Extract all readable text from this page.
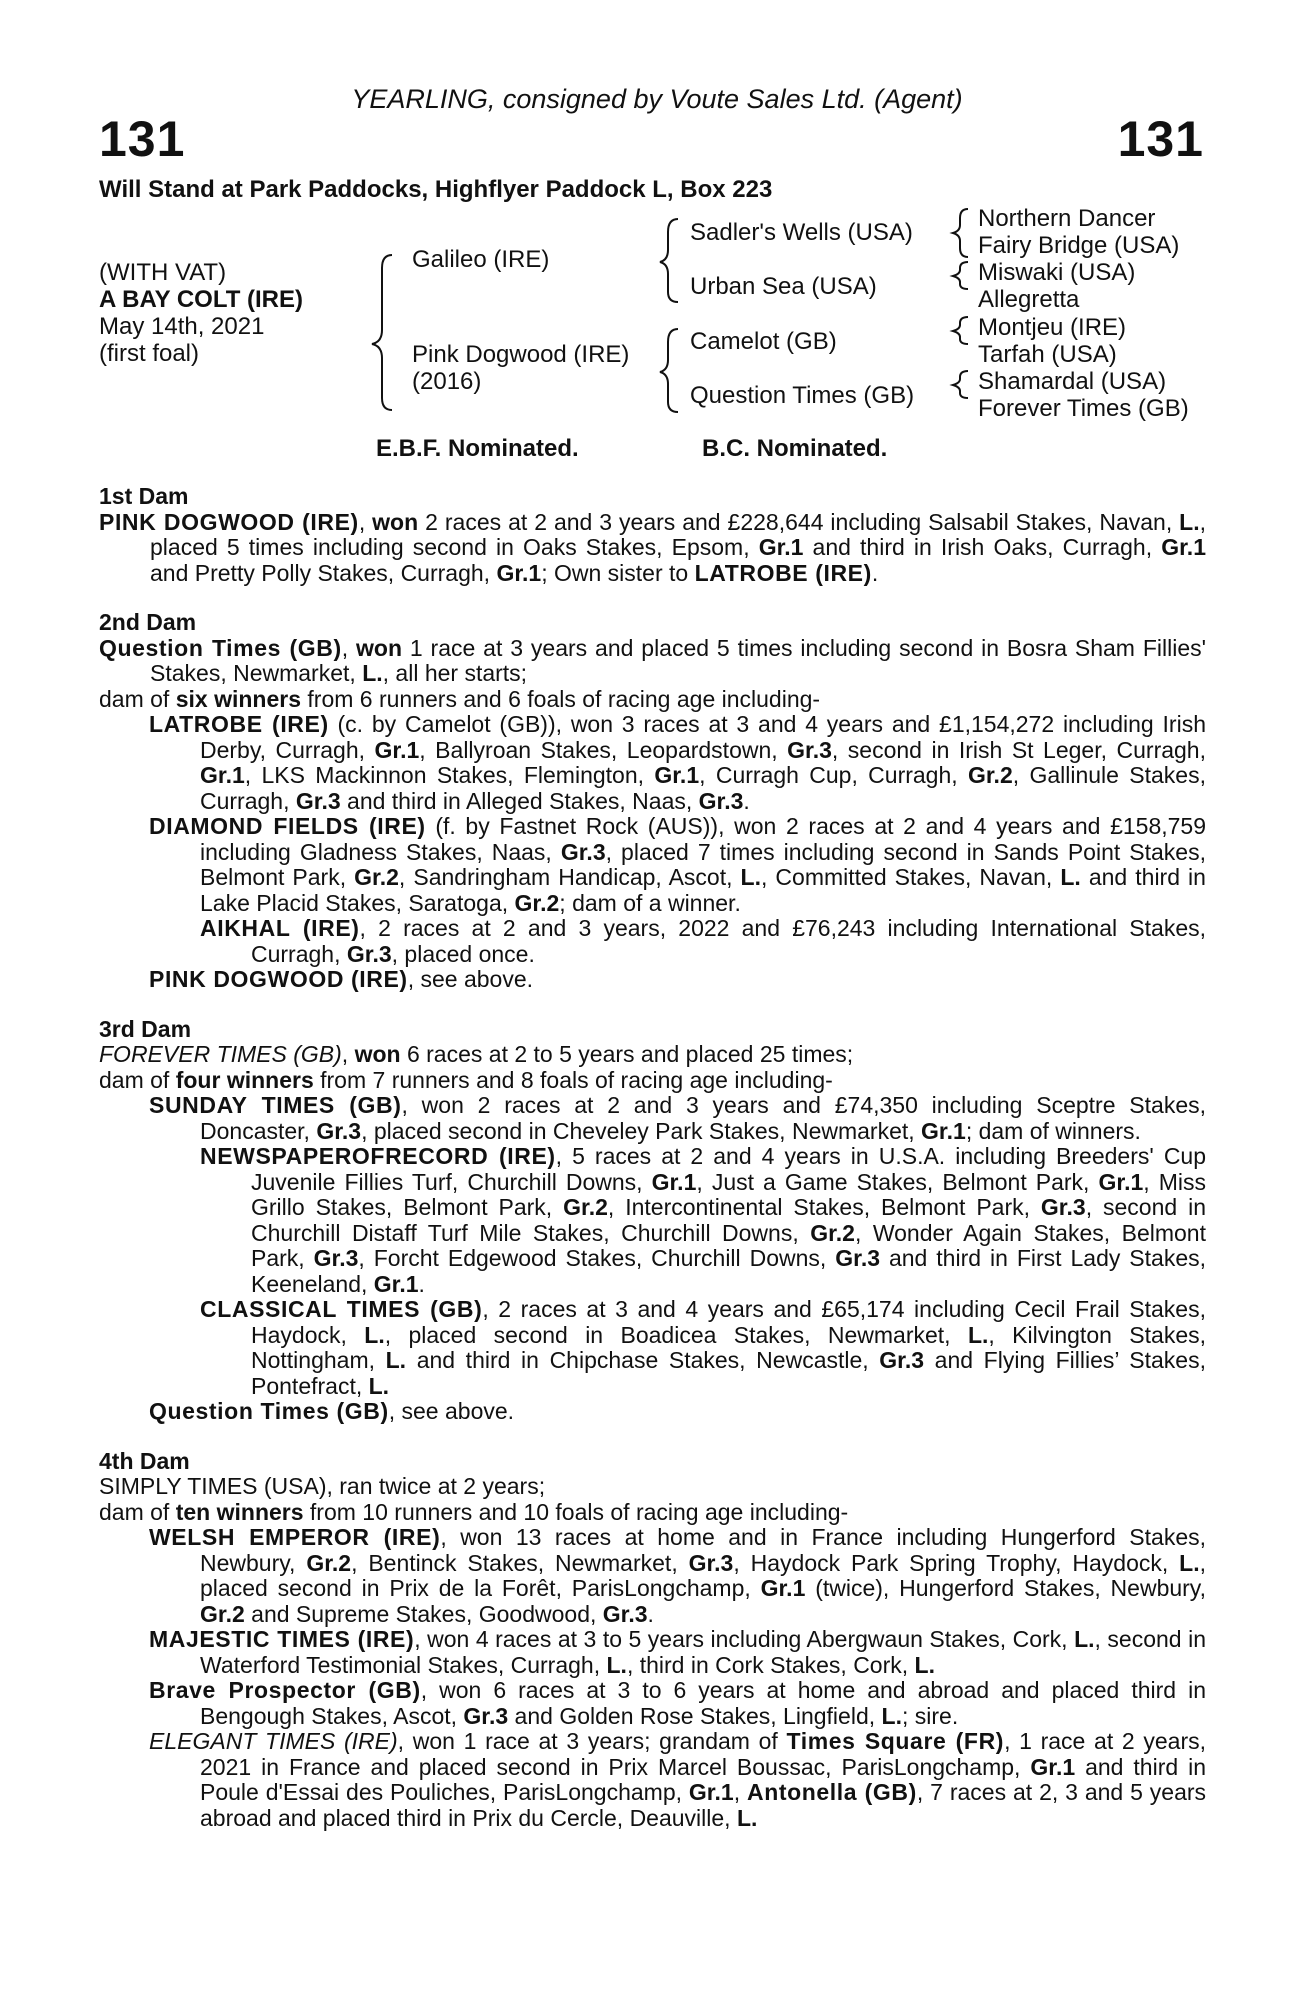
YEARLING, consigned by Voute Sales Ltd. (Agent)
131	131
Will Stand at Park Paddocks, Highflyer Paddock L, Box 223
(WITH VAT)
A BAY COLT (IRE)
May 14th, 2021
(first foal)
Galileo (IRE)
Pink Dogwood (IRE)
(2016)
Sadler's Wells (USA)
Urban Sea (USA)
Camelot (GB)
Question Times (GB)
Northern Dancer
Fairy Bridge (USA)
Miswaki (USA)
Allegretta
Montjeu (IRE)
Tarfah (USA)
Shamardal (USA)
Forever Times (GB)
E.B.F. Nominated.	B.C. Nominated.
1st Dam
PINK DOGWOOD (IRE), won 2 races at 2 and 3 years and £228,644 including Salsabil Stakes, Navan, L., placed 5 times including second in Oaks Stakes, Epsom, Gr.1 and third in Irish Oaks, Curragh, Gr.1 and Pretty Polly Stakes, Curragh, Gr.1; Own sister to LATROBE (IRE).
2nd Dam
Question Times (GB), won 1 race at 3 years and placed 5 times including second in Bosra Sham Fillies' Stakes, Newmarket, L., all her starts;
dam of six winners from 6 runners and 6 foals of racing age including-
LATROBE (IRE) (c. by Camelot (GB)), won 3 races at 3 and 4 years and £1,154,272 including Irish Derby, Curragh, Gr.1, Ballyroan Stakes, Leopardstown, Gr.3, second in Irish St Leger, Curragh, Gr.1, LKS Mackinnon Stakes, Flemington, Gr.1, Curragh Cup, Curragh, Gr.2, Gallinule Stakes, Curragh, Gr.3 and third in Alleged Stakes, Naas, Gr.3.
DIAMOND FIELDS (IRE) (f. by Fastnet Rock (AUS)), won 2 races at 2 and 4 years and £158,759 including Gladness Stakes, Naas, Gr.3, placed 7 times including second in Sands Point Stakes, Belmont Park, Gr.2, Sandringham Handicap, Ascot, L., Committed Stakes, Navan, L. and third in Lake Placid Stakes, Saratoga, Gr.2; dam of a winner.
AIKHAL (IRE), 2 races at 2 and 3 years, 2022 and £76,243 including International Stakes, Curragh, Gr.3, placed once.
PINK DOGWOOD (IRE), see above.
3rd Dam
FOREVER TIMES (GB), won 6 races at 2 to 5 years and placed 25 times;
dam of four winners from 7 runners and 8 foals of racing age including-
SUNDAY TIMES (GB), won 2 races at 2 and 3 years and £74,350 including Sceptre Stakes, Doncaster, Gr.3, placed second in Cheveley Park Stakes, Newmarket, Gr.1; dam of winners.
NEWSPAPEROFRECORD (IRE), 5 races at 2 and 4 years in U.S.A. including Breeders' Cup Juvenile Fillies Turf, Churchill Downs, Gr.1, Just a Game Stakes, Belmont Park, Gr.1, Miss Grillo Stakes, Belmont Park, Gr.2, Intercontinental Stakes, Belmont Park, Gr.3, second in Churchill Distaff Turf Mile Stakes, Churchill Downs, Gr.2, Wonder Again Stakes, Belmont Park, Gr.3, Forcht Edgewood Stakes, Churchill Downs, Gr.3 and third in First Lady Stakes, Keeneland, Gr.1.
CLASSICAL TIMES (GB), 2 races at 3 and 4 years and £65,174 including Cecil Frail Stakes, Haydock, L., placed second in Boadicea Stakes, Newmarket, L., Kilvington Stakes, Nottingham, L. and third in Chipchase Stakes, Newcastle, Gr.3 and Flying Fillies’ Stakes, Pontefract, L.
Question Times (GB), see above.
4th Dam
SIMPLY TIMES (USA), ran twice at 2 years;
dam of ten winners from 10 runners and 10 foals of racing age including-
WELSH EMPEROR (IRE), won 13 races at home and in France including Hungerford Stakes, Newbury, Gr.2, Bentinck Stakes, Newmarket, Gr.3, Haydock Park Spring Trophy, Haydock, L., placed second in Prix de la Forêt, ParisLongchamp, Gr.1 (twice), Hungerford Stakes, Newbury, Gr.2 and Supreme Stakes, Goodwood, Gr.3.
MAJESTIC TIMES (IRE), won 4 races at 3 to 5 years including Abergwaun Stakes, Cork, L., second in Waterford Testimonial Stakes, Curragh, L., third in Cork Stakes, Cork, L.
Brave Prospector (GB), won 6 races at 3 to 6 years at home and abroad and placed third in Bengough Stakes, Ascot, Gr.3 and Golden Rose Stakes, Lingfield, L.; sire.
ELEGANT TIMES (IRE), won 1 race at 3 years; grandam of Times Square (FR), 1 race at 2 years, 2021 in France and placed second in Prix Marcel Boussac, ParisLongchamp, Gr.1 and third in Poule d'Essai des Pouliches, ParisLongchamp, Gr.1, Antonella (GB), 7 races at 2, 3 and 5 years abroad and placed third in Prix du Cercle, Deauville, L.
